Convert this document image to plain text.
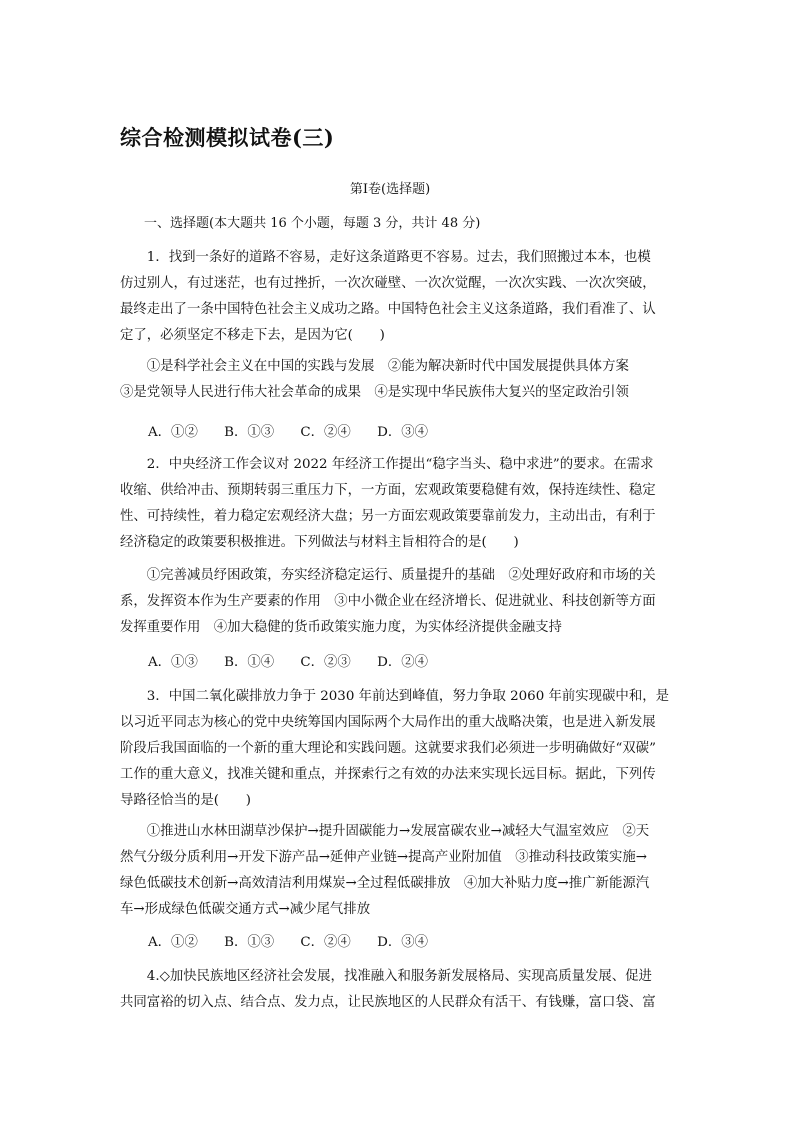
综合检测模拟试卷(三)
第Ⅰ卷(选择题)
一、选择题(本大题共 16 个小题，每题 3 分，共计 48 分)
1．找到一条好的道路不容易，走好这条道路更不容易。过去，我们照搬过本本，也模
仿过别人，有过迷茫，也有过挫折，一次次碰壁、一次次觉醒，一次次实践、一次次突破，
最终走出了一条中国特色社会主义成功之路。中国特色社会主义这条道路，我们看准了、认
定了，必须坚定不移走下去，是因为它(　　)
①是科学社会主义在中国的实践与发展　②能为解决新时代中国发展提供具体方案
③是党领导人民进行伟大社会革命的成果　④是实现中华民族伟大复兴的坚定政治引领
A．①② B．①③ C．②④ D．③④
2．中央经济工作会议对 2022 年经济工作提出“稳字当头、稳中求进”的要求。在需求
收缩、供给冲击、预期转弱三重压力下，一方面，宏观政策要稳健有效，保持连续性、稳定
性、可持续性，着力稳定宏观经济大盘；另一方面宏观政策要靠前发力，主动出击，有利于
经济稳定的政策要积极推进。下列做法与材料主旨相符合的是(　　)
①完善减员纾困政策，夯实经济稳定运行、质量提升的基础　②处理好政府和市场的关
系，发挥资本作为生产要素的作用　③中小微企业在经济增长、促进就业、科技创新等方面
发挥重要作用　④加大稳健的货币政策实施力度，为实体经济提供金融支持
A．①③ B．①④ C．②③ D．②④
3．中国二氧化碳排放力争于 2030 年前达到峰值，努力争取 2060 年前实现碳中和，是
以习近平同志为核心的党中央统筹国内国际两个大局作出的重大战略决策，也是进入新发展
阶段后我国面临的一个新的重大理论和实践问题。这就要求我们必须进一步明确做好“双碳”
工作的重大意义，找准关键和重点，并探索行之有效的办法来实现长远目标。据此，下列传
导路径恰当的是(　　)
①推进山水林田湖草沙保护→提升固碳能力→发展富碳农业→减轻大气温室效应　②天
然气分级分质利用→开发下游产品→延伸产业链→提高产业附加值　③推动科技政策实施→
绿色低碳技术创新→高效清洁利用煤炭→全过程低碳排放　④加大补贴力度→推广新能源汽
车→形成绿色低碳交通方式→减少尾气排放
A．①② B．①③ C．②④ D．③④
4.◇加快民族地区经济社会发展，找准融入和服务新发展格局、实现高质量发展、促进
共同富裕的切入点、结合点、发力点，让民族地区的人民群众有活干、有钱赚，富口袋、富
